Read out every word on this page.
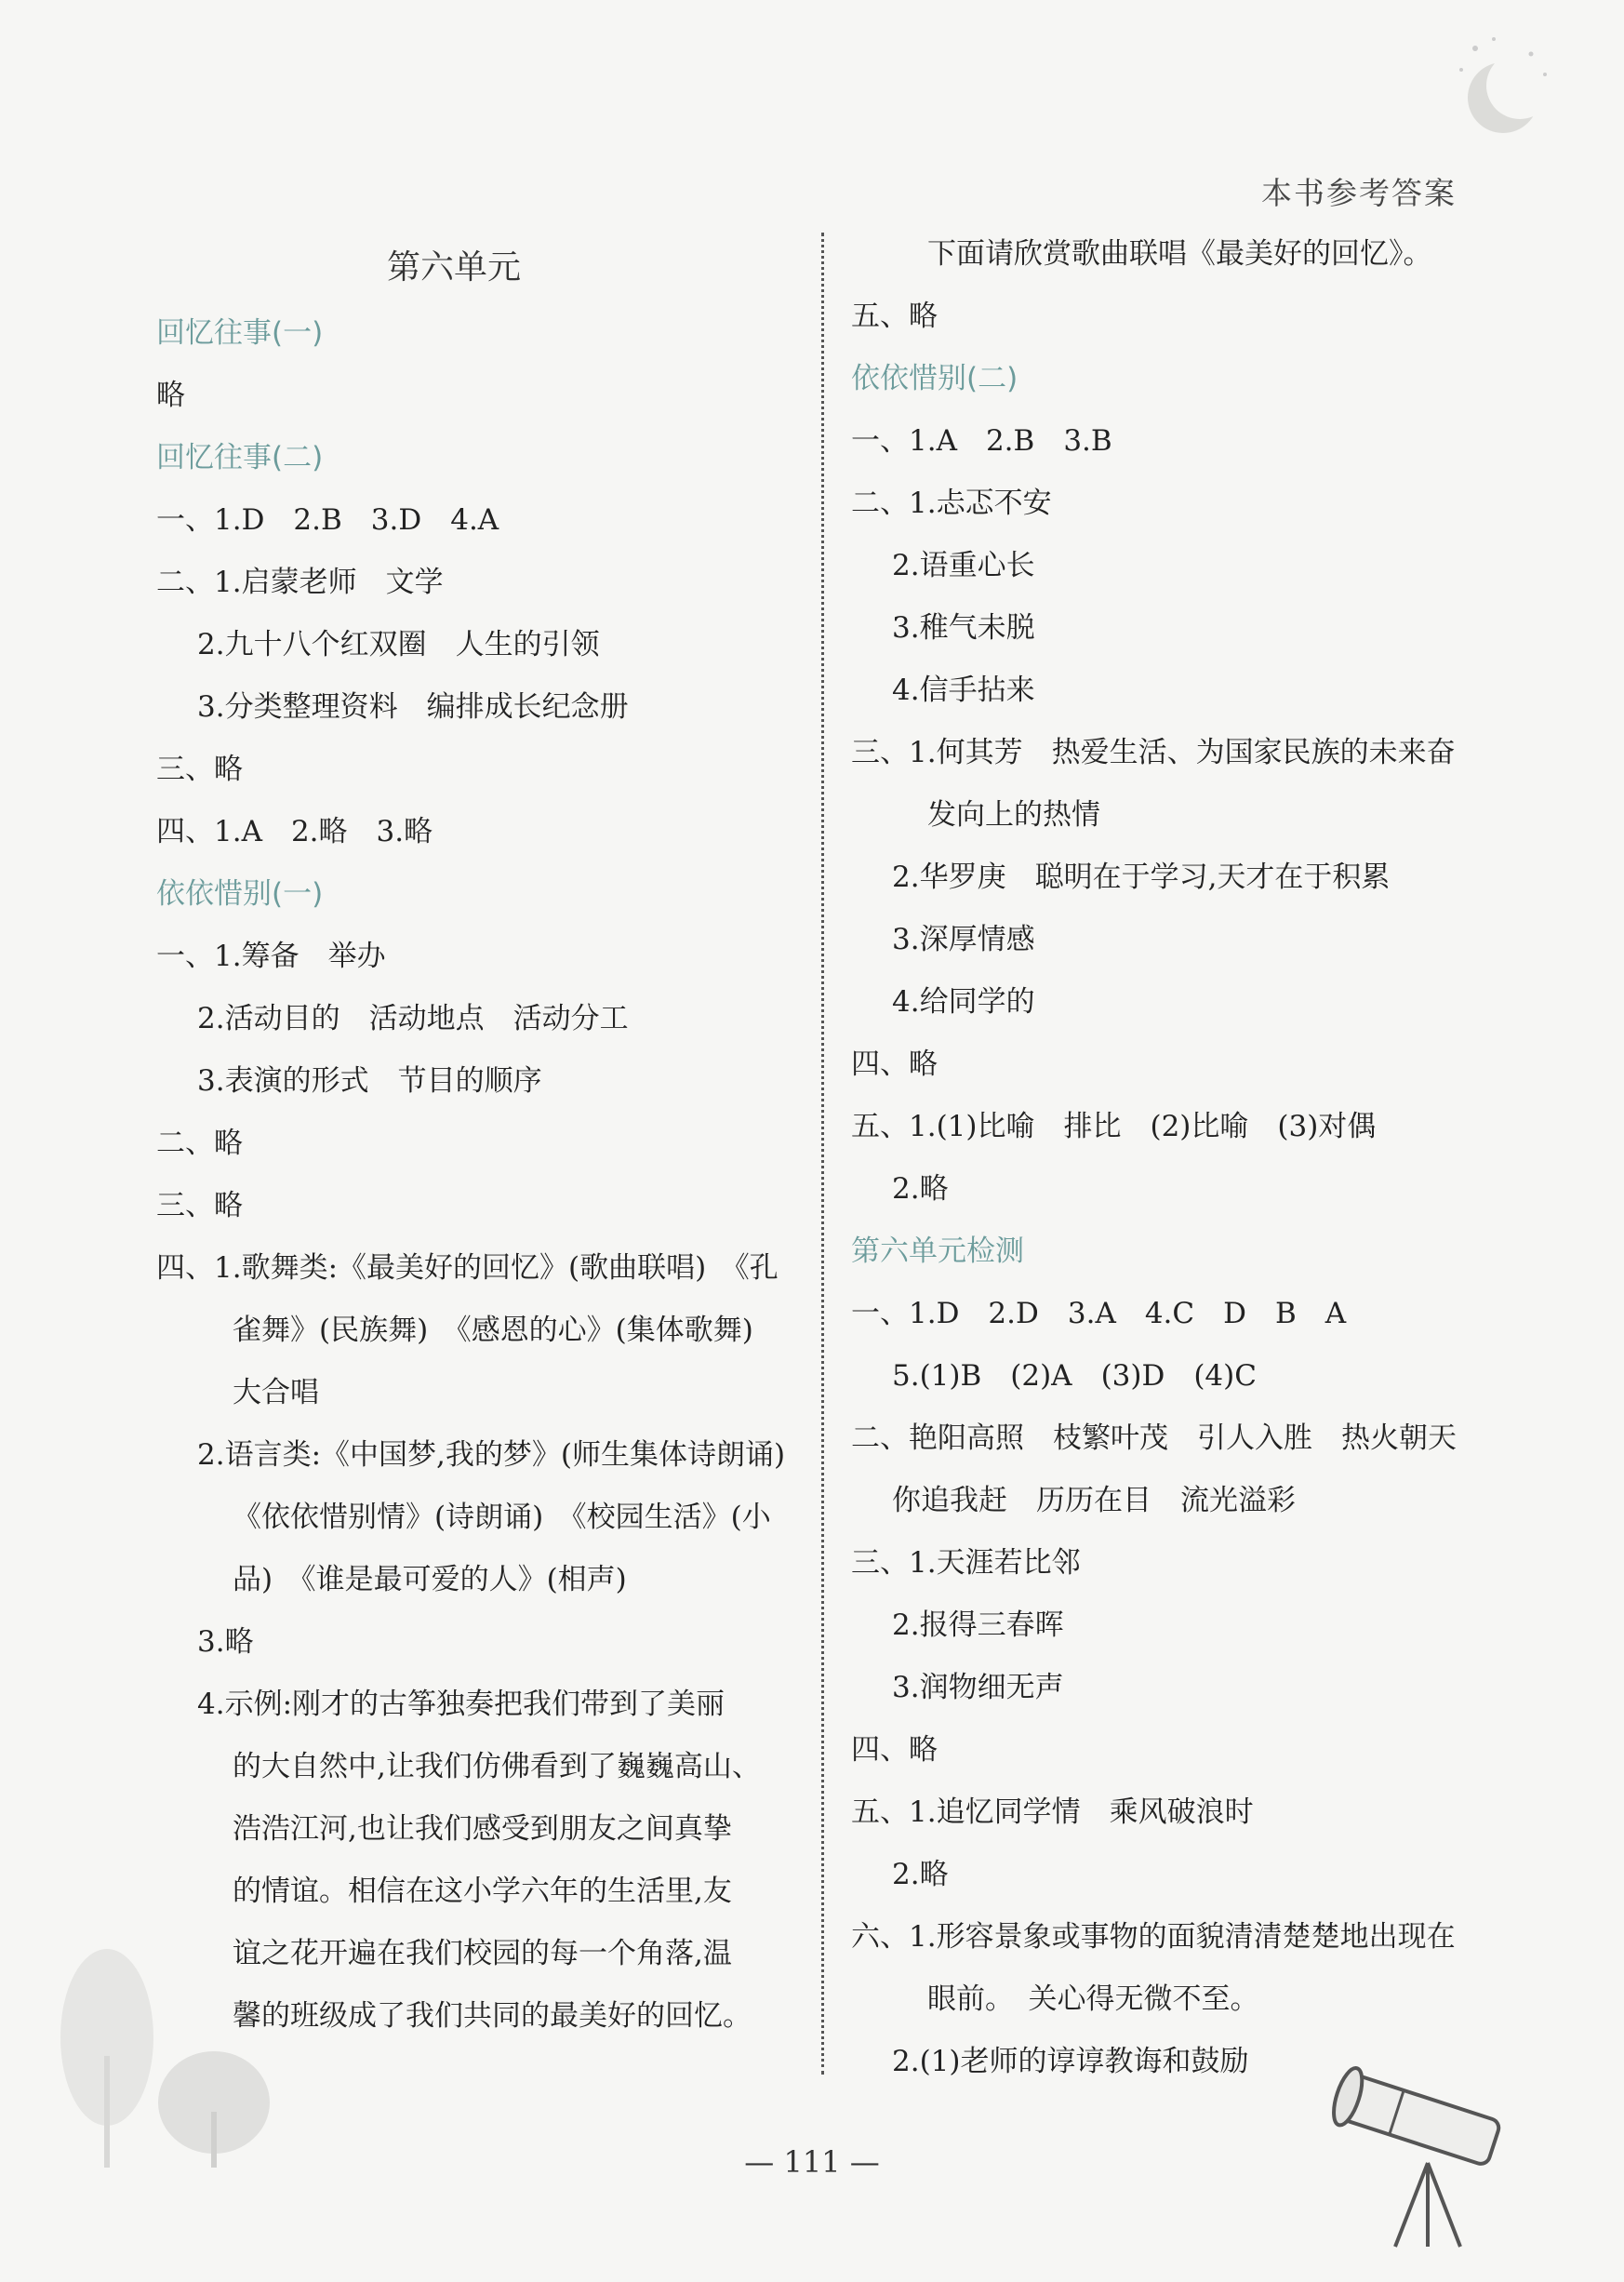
本书参考答案
第六单元
回忆往事(一)
略
回忆往事(二)
一、1.D　2.B　3.D　4.A
二、1.启蒙老师　文学
2.九十八个红双圈　人生的引领
3.分类整理资料　编排成长纪念册
三、略
四、1.A　2.略　3.略
依依惜别(一)
一、1.筹备　举办
2.活动目的　活动地点　活动分工
3.表演的形式　节目的顺序
二、略
三、略
四、1.歌舞类:《最美好的回忆》(歌曲联唱)　《孔
雀舞》(民族舞)　《感恩的心》(集体歌舞)
大合唱
2.语言类:《中国梦,我的梦》(师生集体诗朗诵)
《依依惜别情》(诗朗诵)　《校园生活》(小
品)　《谁是最可爱的人》(相声)
3.略
4.示例:刚才的古筝独奏把我们带到了美丽
的大自然中,让我们仿佛看到了巍巍高山、
浩浩江河,也让我们感受到朋友之间真挚
的情谊。相信在这小学六年的生活里,友
谊之花开遍在我们校园的每一个角落,温
馨的班级成了我们共同的最美好的回忆。
下面请欣赏歌曲联唱《最美好的回忆》。
五、略
依依惜别(二)
一、1.A　2.B　3.B
二、1.忐忑不安
2.语重心长
3.稚气未脱
4.信手拈来
三、1.何其芳　热爱生活、为国家民族的未来奋
发向上的热情
2.华罗庚　聪明在于学习,天才在于积累
3.深厚情感
4.给同学的
四、略
五、1.(1)比喻　排比　(2)比喻　(3)对偶
2.略
第六单元检测
一、1.D　2.D　3.A　4.C　D　B　A
5.(1)B　(2)A　(3)D　(4)C
二、艳阳高照　枝繁叶茂　引人入胜　热火朝天
你追我赶　历历在目　流光溢彩
三、1.天涯若比邻
2.报得三春晖
3.润物细无声
四、略
五、1.追忆同学情　乘风破浪时
2.略
六、1.形容景象或事物的面貌清清楚楚地出现在
眼前。　关心得无微不至。
2.(1)老师的谆谆教诲和鼓励
— 111 —
